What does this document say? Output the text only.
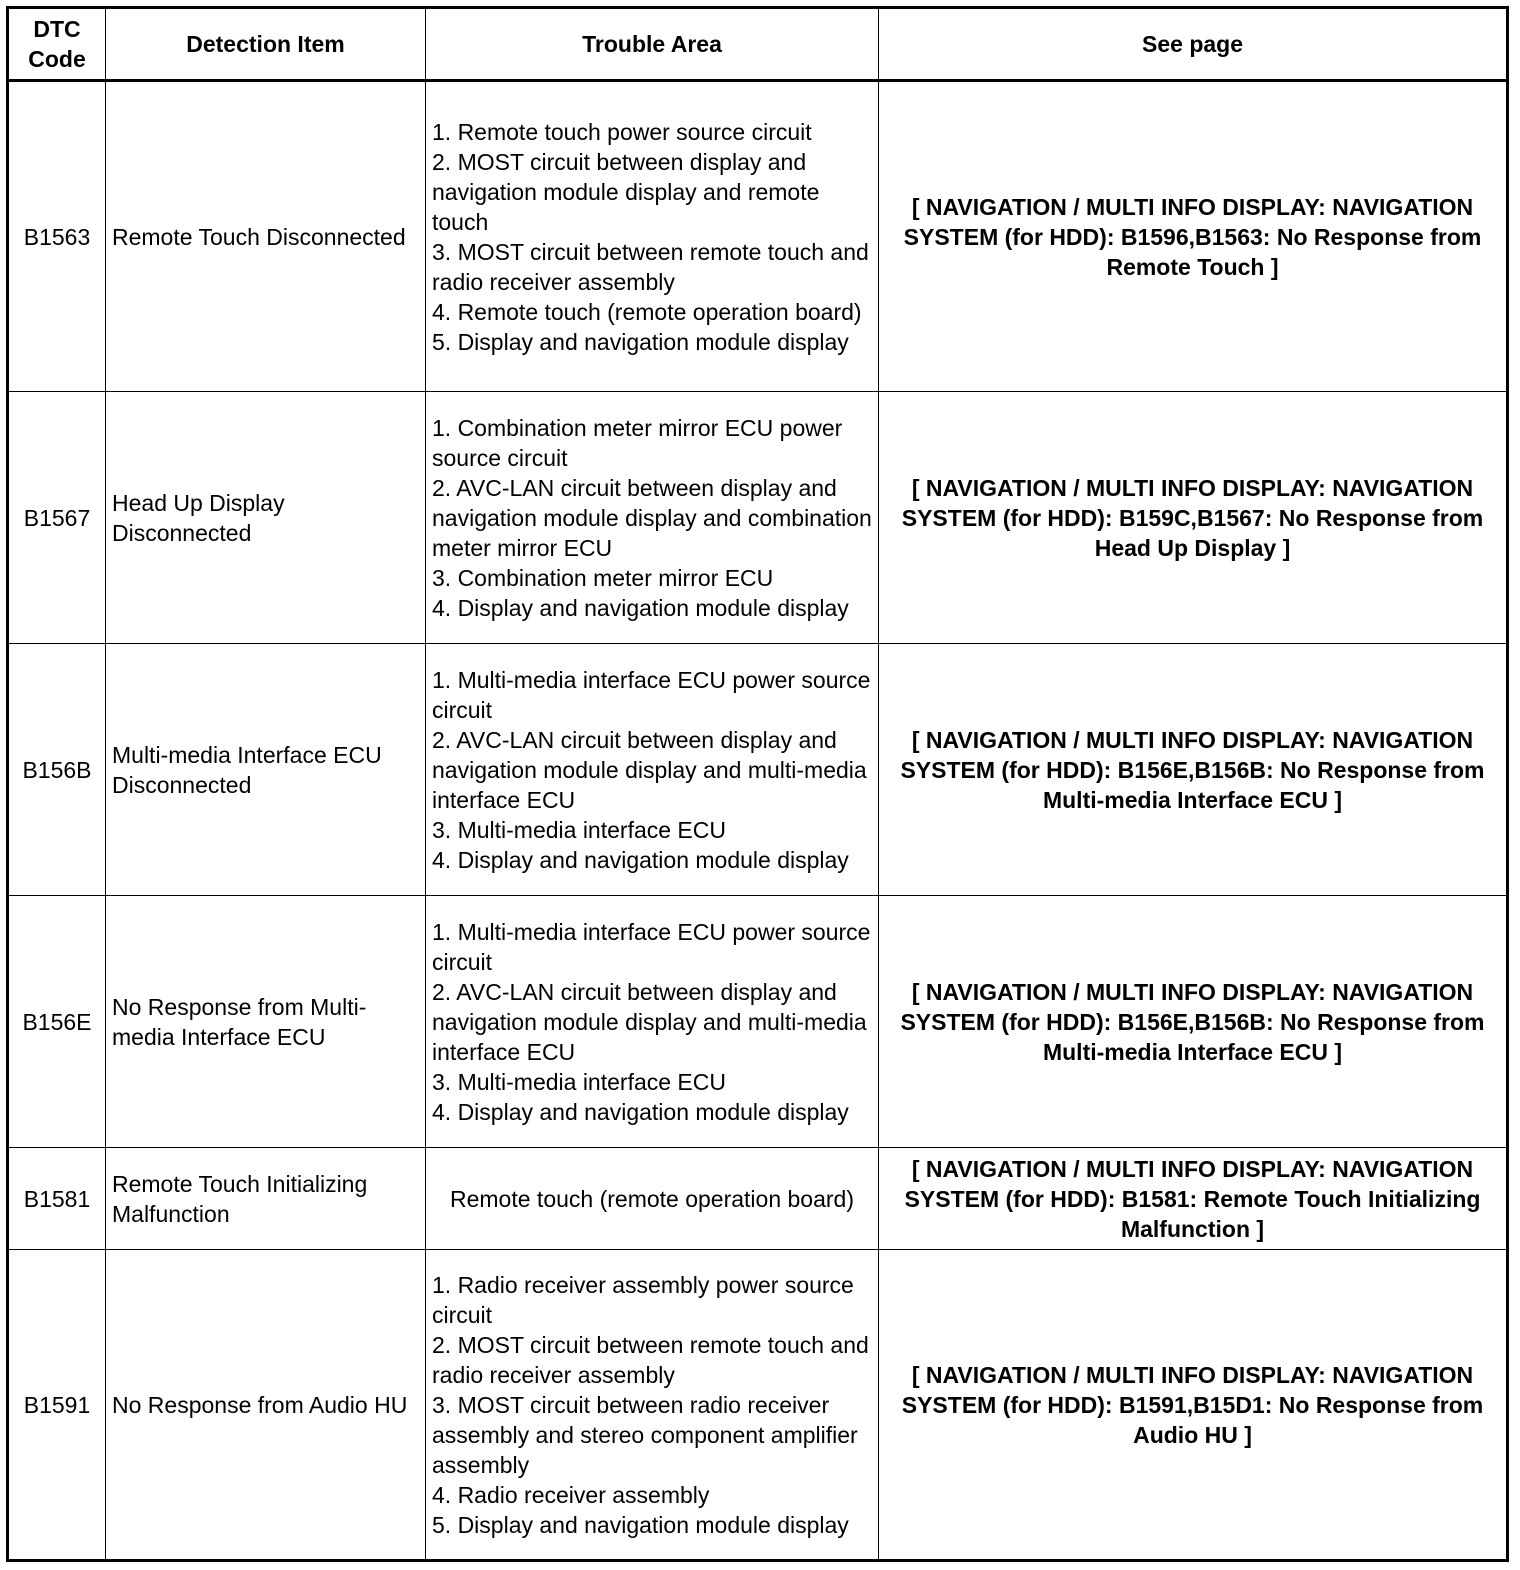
DTC
Code	Detection Item	Trouble Area	See page
B1563	Remote Touch Disconnected	1. Remote touch power source circuit
2. MOST circuit between display and navigation module display and remote touch
3. MOST circuit between remote touch and radio receiver assembly
4. Remote touch (remote operation board)
5. Display and navigation module display	[ NAVIGATION / MULTI INFO DISPLAY: NAVIGATION SYSTEM (for HDD): B1596,B1563: No Response from Remote Touch ]
B1567	Head Up Display Disconnected	1. Combination meter mirror ECU power source circuit
2. AVC-LAN circuit between display and navigation module display and combination meter mirror ECU
3. Combination meter mirror ECU
4. Display and navigation module display	[ NAVIGATION / MULTI INFO DISPLAY: NAVIGATION SYSTEM (for HDD): B159C,B1567: No Response from Head Up Display ]
B156B	Multi-media Interface ECU Disconnected	1. Multi-media interface ECU power source circuit
2. AVC-LAN circuit between display and navigation module display and multi-media interface ECU
3. Multi-media interface ECU
4. Display and navigation module display	[ NAVIGATION / MULTI INFO DISPLAY: NAVIGATION SYSTEM (for HDD): B156E,B156B: No Response from Multi-media Interface ECU ]
B156E	No Response from Multi-media Interface ECU	1. Multi-media interface ECU power source circuit
2. AVC-LAN circuit between display and navigation module display and multi-media interface ECU
3. Multi-media interface ECU
4. Display and navigation module display	[ NAVIGATION / MULTI INFO DISPLAY: NAVIGATION SYSTEM (for HDD): B156E,B156B: No Response from Multi-media Interface ECU ]
B1581	Remote Touch Initializing Malfunction	Remote touch (remote operation board)	[ NAVIGATION / MULTI INFO DISPLAY: NAVIGATION SYSTEM (for HDD): B1581: Remote Touch Initializing Malfunction ]
B1591	No Response from Audio HU	1. Radio receiver assembly power source circuit
2. MOST circuit between remote touch and radio receiver assembly
3. MOST circuit between radio receiver assembly and stereo component amplifier assembly
4. Radio receiver assembly
5. Display and navigation module display	[ NAVIGATION / MULTI INFO DISPLAY: NAVIGATION SYSTEM (for HDD): B1591,B15D1: No Response from Audio HU ]
